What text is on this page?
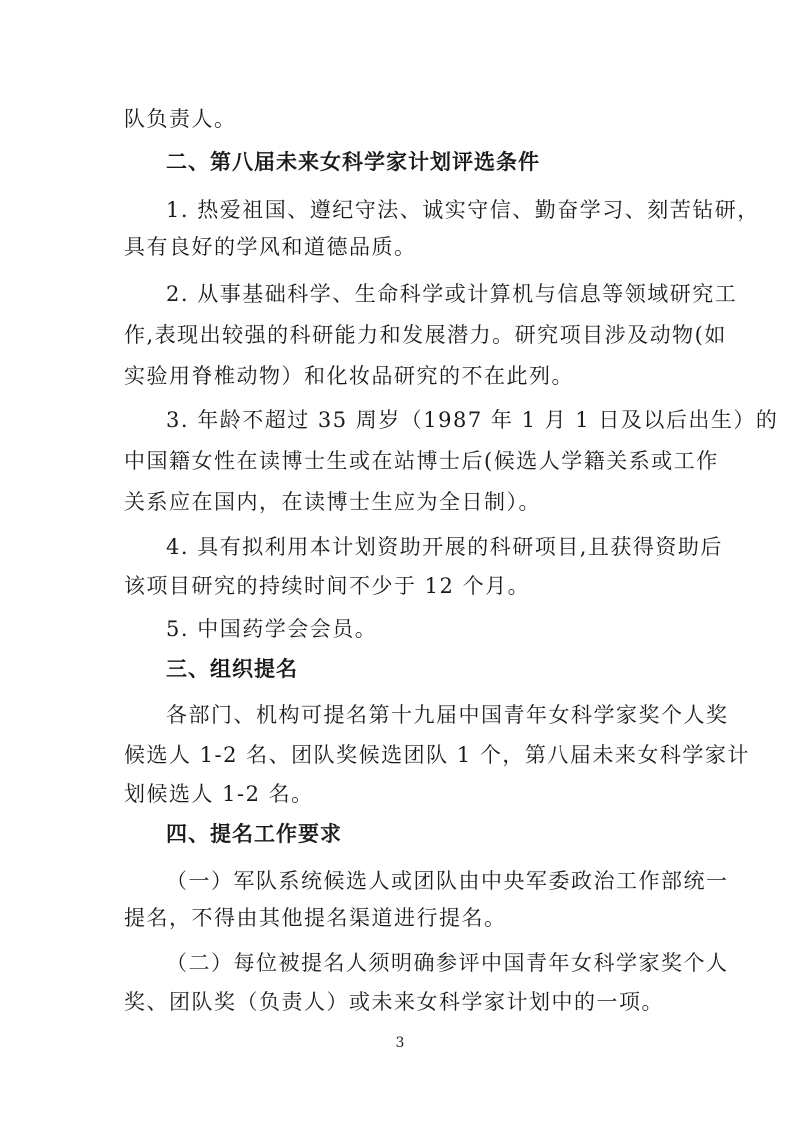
队负责人。
二、第八届未来女科学家计划评选条件
1. 热爱祖国、遵纪守法、诚实守信、勤奋学习、刻苦钻研，
具有良好的学风和道德品质。
2. 从事基础科学、生命科学或计算机与信息等领域研究工
作,表现出较强的科研能力和发展潜力。研究项目涉及动物(如
实验用脊椎动物）和化妆品研究的不在此列。
3. 年龄不超过 35 周岁（1987 年 1 月 1 日及以后出生）的
中国籍女性在读博士生或在站博士后(候选人学籍关系或工作
关系应在国内，在读博士生应为全日制）。
4. 具有拟利用本计划资助开展的科研项目,且获得资助后
该项目研究的持续时间不少于 12 个月。
5. 中国药学会会员。
三、组织提名
各部门、机构可提名第十九届中国青年女科学家奖个人奖
候选人 1-2 名、团队奖候选团队 1 个，第八届未来女科学家计
划候选人 1-2 名。
四、提名工作要求
（一）军队系统候选人或团队由中央军委政治工作部统一
提名，不得由其他提名渠道进行提名。
（二）每位被提名人须明确参评中国青年女科学家奖个人
奖、团队奖（负责人）或未来女科学家计划中的一项。
3
